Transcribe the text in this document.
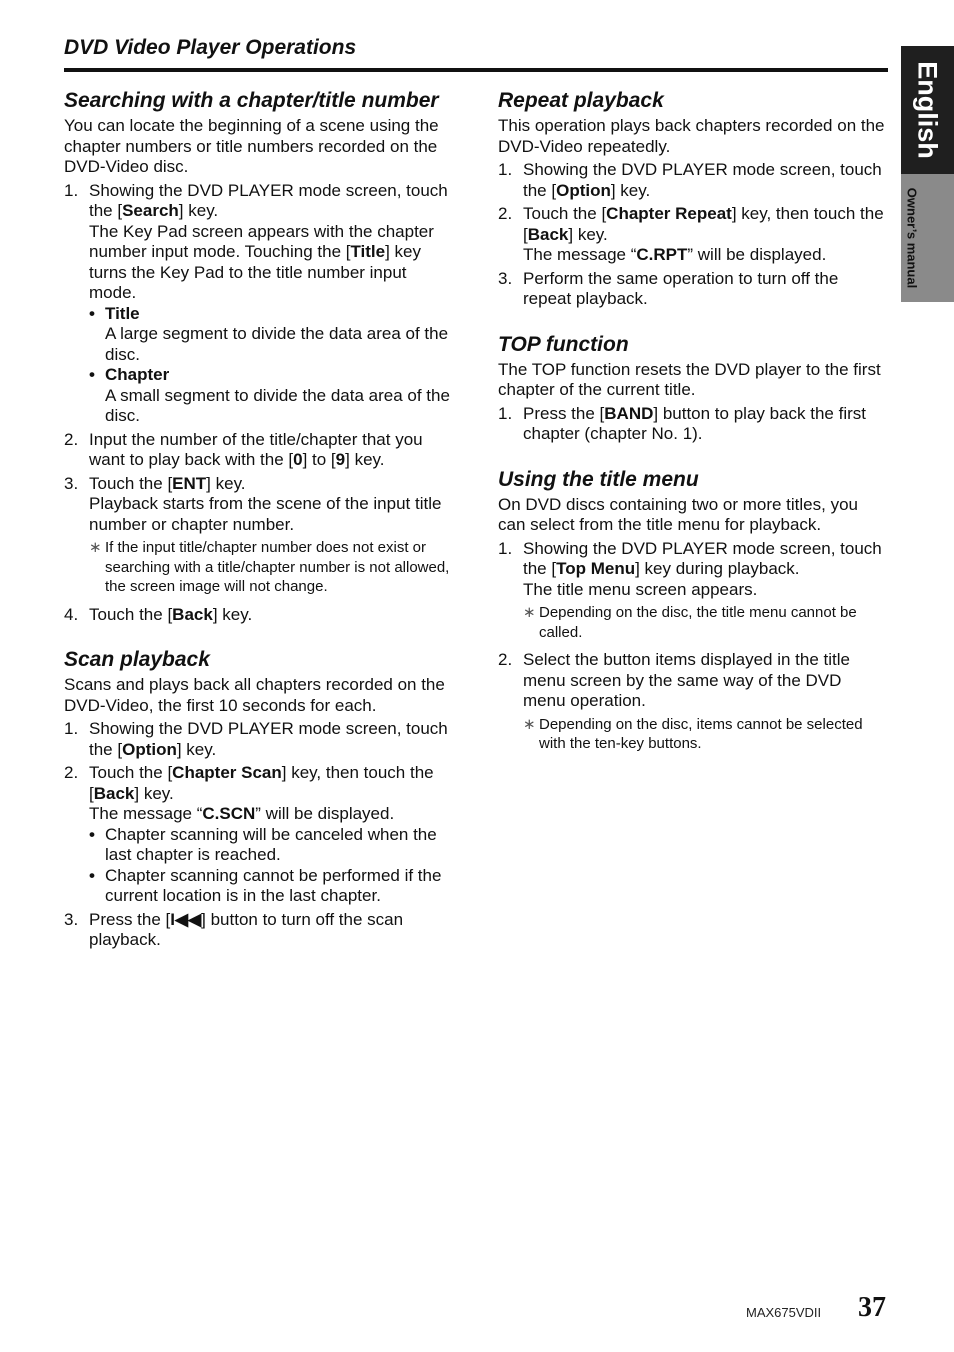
DVD Video Player Operations
English
Owner’s manual
Searching with a chapter/title number

You can locate the beginning of a scene using the chapter numbers or title numbers recorded on the DVD-Video disc.

1. Showing the DVD PLAYER mode screen, touch the [Search] key.
The Key Pad screen appears with the chapter number input mode. Touching the [Title] key turns the Key Pad to the title number input mode.
• Title
A large segment to divide the data area of the disc.
• Chapter
A small segment to divide the data area of the disc.
2. Input the number of the title/chapter that you want to play back with the [0] to [9] key.
3. Touch the [ENT] key.
Playback starts from the scene of the input title number or chapter number.
∗ If the input title/chapter number does not exist or searching with a title/chapter number is not allowed, the screen image will not change.
4. Touch the [Back] key.
Scan playback

Scans and plays back all chapters recorded on the DVD-Video, the first 10 seconds for each.

1. Showing the DVD PLAYER mode screen, touch the [Option] key.
2. Touch the [Chapter Scan] key, then touch the [Back] key.
The message “C.SCN” will be displayed.
• Chapter scanning will be canceled when the last chapter is reached.
• Chapter scanning cannot be performed if the current location is in the last chapter.
3. Press the [I◀◀] button to turn off the scan playback.
Repeat playback

This operation plays back chapters recorded on the DVD-Video repeatedly.

1. Showing the DVD PLAYER mode screen, touch the [Option] key.
2. Touch the [Chapter Repeat] key, then touch the [Back] key.
The message “C.RPT” will be displayed.
3. Perform the same operation to turn off the repeat playback.
TOP function

The TOP function resets the DVD player to the first chapter of the current title.

1. Press the [BAND] button to play back the first chapter (chapter No. 1).
Using the title menu

On DVD discs containing two or more titles, you can select from the title menu for playback.

1. Showing the DVD PLAYER mode screen, touch the [Top Menu] key during playback.
The title menu screen appears.
∗ Depending on the disc, the title menu cannot be called.
2. Select the button items displayed in the title menu screen by the same way of the DVD menu operation.
∗ Depending on the disc, items cannot be selected with the ten-key buttons.
MAX675VDII 37
